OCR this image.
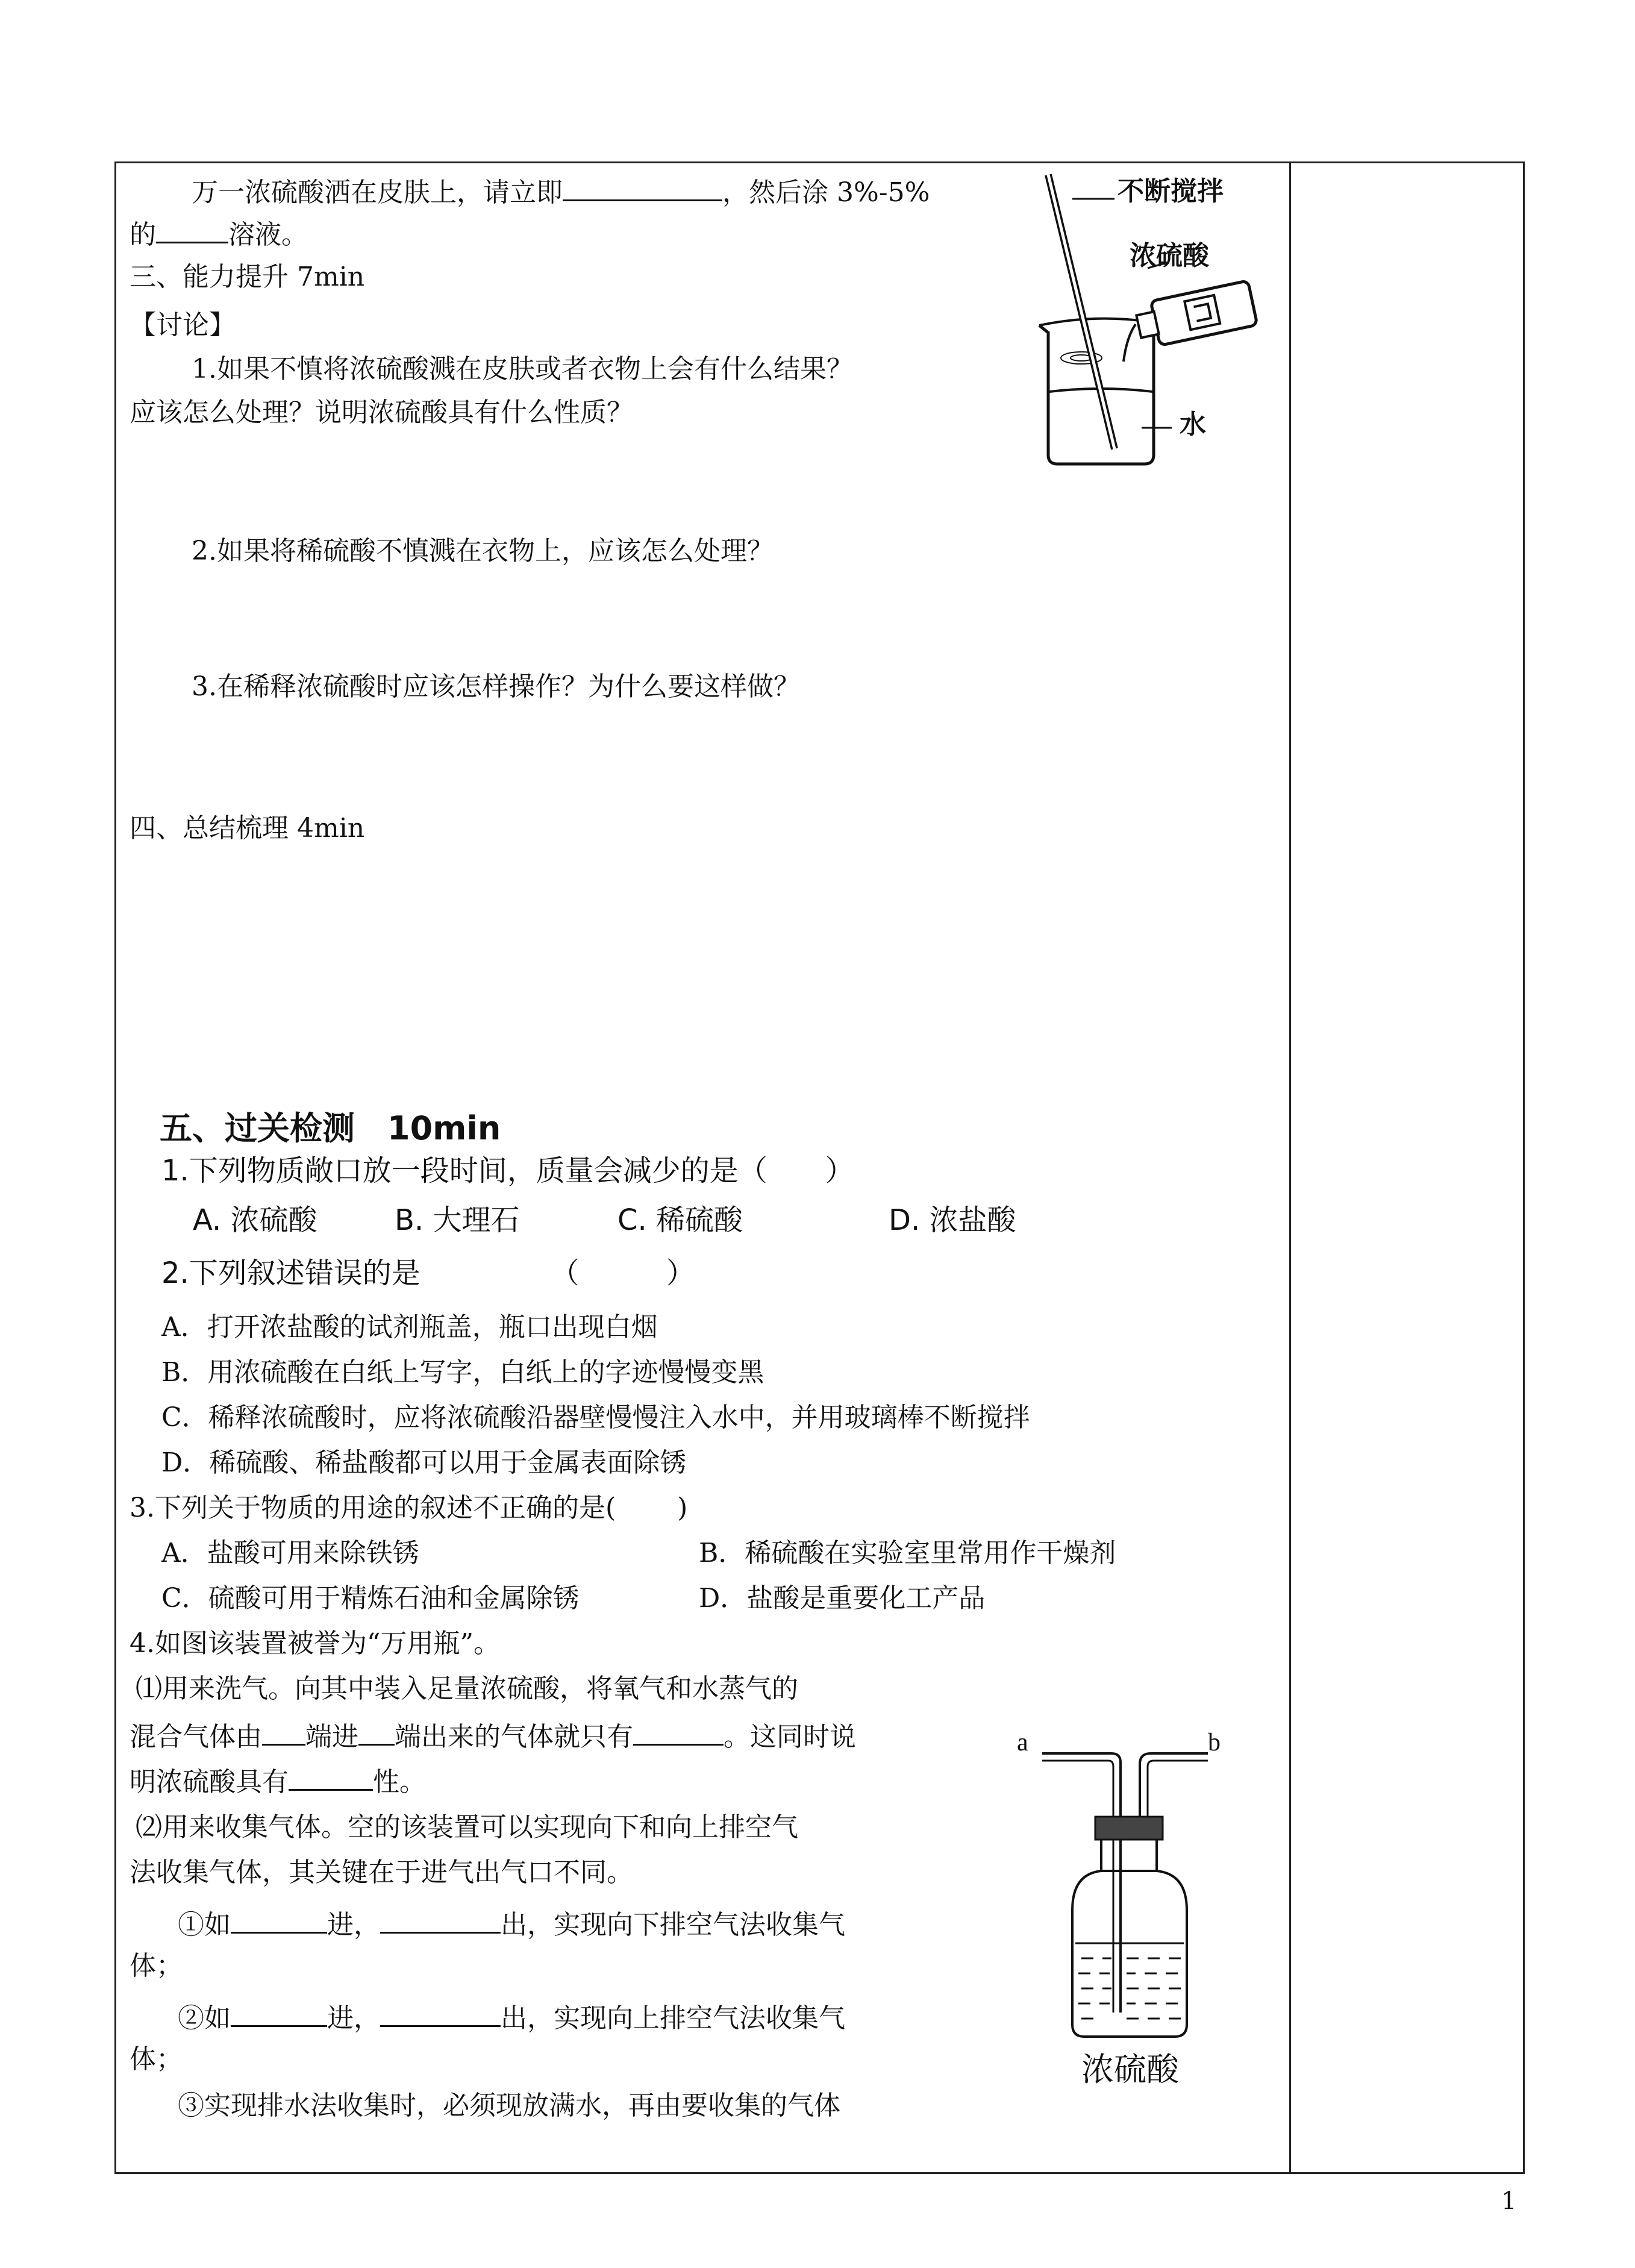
万一浓硫酸洒在皮肤上，请立即	，然后涂 3%-5%
的	溶液。
三、能力提升 7min
【讨论】
1.如果不慎将浓硫酸溅在皮肤或者衣物上会有什么结果？
应该怎么处理？说明浓硫酸具有什么性质？
2.如果将稀硫酸不慎溅在衣物上，应该怎么处理？
3.在稀释浓硫酸时应该怎样操作？为什么要这样做？
四、总结梳理 4min
不断搅拌
浓硫酸
水
五、过关检测　10min
1.下列物质敞口放一段时间，质量会减少的是（　　）
A. 浓硫酸	B. 大理石	C. 稀硫酸	D. 浓盐酸
2.下列叙述错误的是　　　　　（　　　）
A．打开浓盐酸的试剂瓶盖，瓶口出现白烟
B．用浓硫酸在白纸上写字，白纸上的字迹慢慢变黑
C．稀释浓硫酸时，应将浓硫酸沿器壁慢慢注入水中，并用玻璃棒不断搅拌
D．稀硫酸、稀盐酸都可以用于金属表面除锈
3.下列关于物质的用途的叙述不正确的是(　　 )
A．盐酸可用来除铁锈	B．稀硫酸在实验室里常用作干燥剂
C．硫酸可用于精炼石油和金属除锈	D．盐酸是重要化工产品
4.如图该装置被誉为“万用瓶”。
⑴用来洗气。向其中装入足量浓硫酸，将氧气和水蒸气的
混合气体由 端进 端出来的气体就只有	。这同时说
明浓硫酸具有	性。
⑵用来收集气体。空的该装置可以实现向下和向上排空气
法收集气体，其关键在于进气出气口不同。
①如	进，	出，实现向下排空气法收集气
体；
②如	进，	出，实现向上排空气法收集气
体；
③实现排水法收集时，必须现放满水，再由要收集的气体
a	b
浓硫酸
1
